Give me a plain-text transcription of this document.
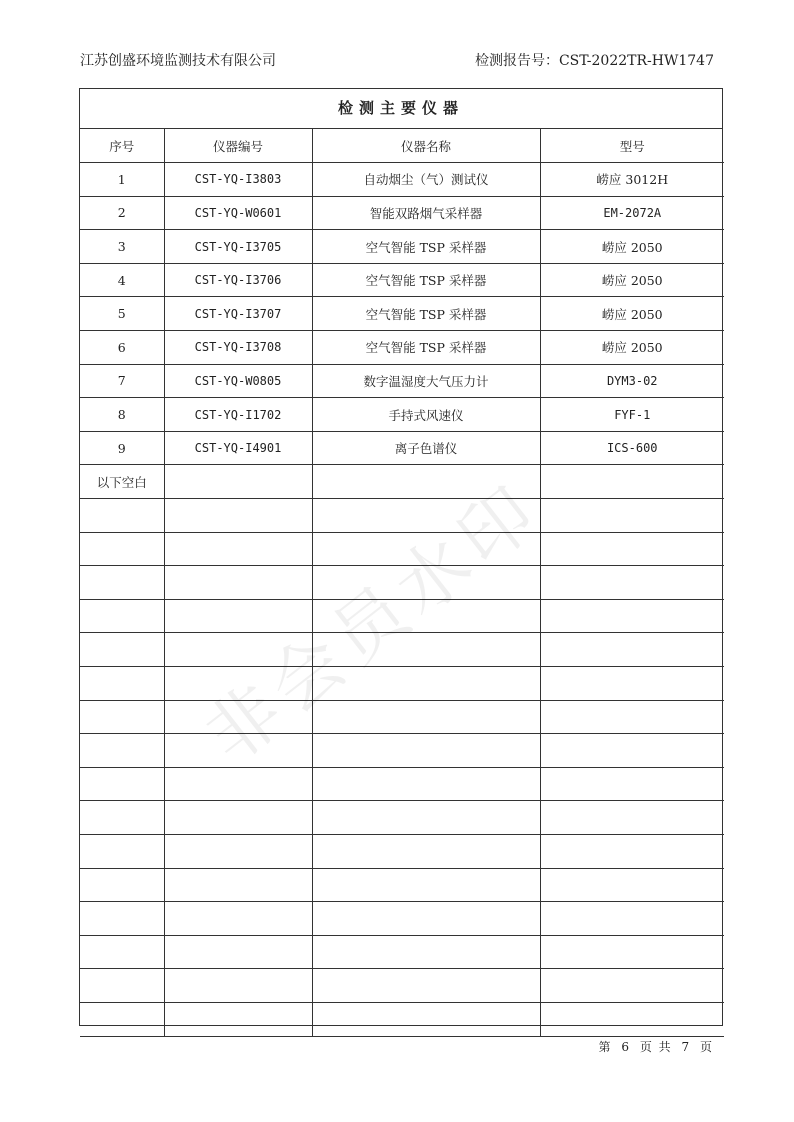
江苏创盛环境监测技术有限公司	检测报告号：CST-2022TR-HW1747
检测主要仪器
序号	仪器编号	仪器名称	型号
1	CST-YQ-I3803	自动烟尘（气）测试仪	崂应 3012H
2	CST-YQ-W0601	智能双路烟气采样器	EM-2072A
3	CST-YQ-I3705	空气智能 TSP 采样器	崂应 2050
4	CST-YQ-I3706	空气智能 TSP 采样器	崂应 2050
5	CST-YQ-I3707	空气智能 TSP 采样器	崂应 2050
6	CST-YQ-I3708	空气智能 TSP 采样器	崂应 2050
7	CST-YQ-W0805	数字温湿度大气压力计	DYM3-02
8	CST-YQ-I1702	手持式风速仪	FYF-1
9	CST-YQ-I4901	离子色谱仪	ICS-600
以下空白			

			非会员水印
第 6 页 共 7 页
